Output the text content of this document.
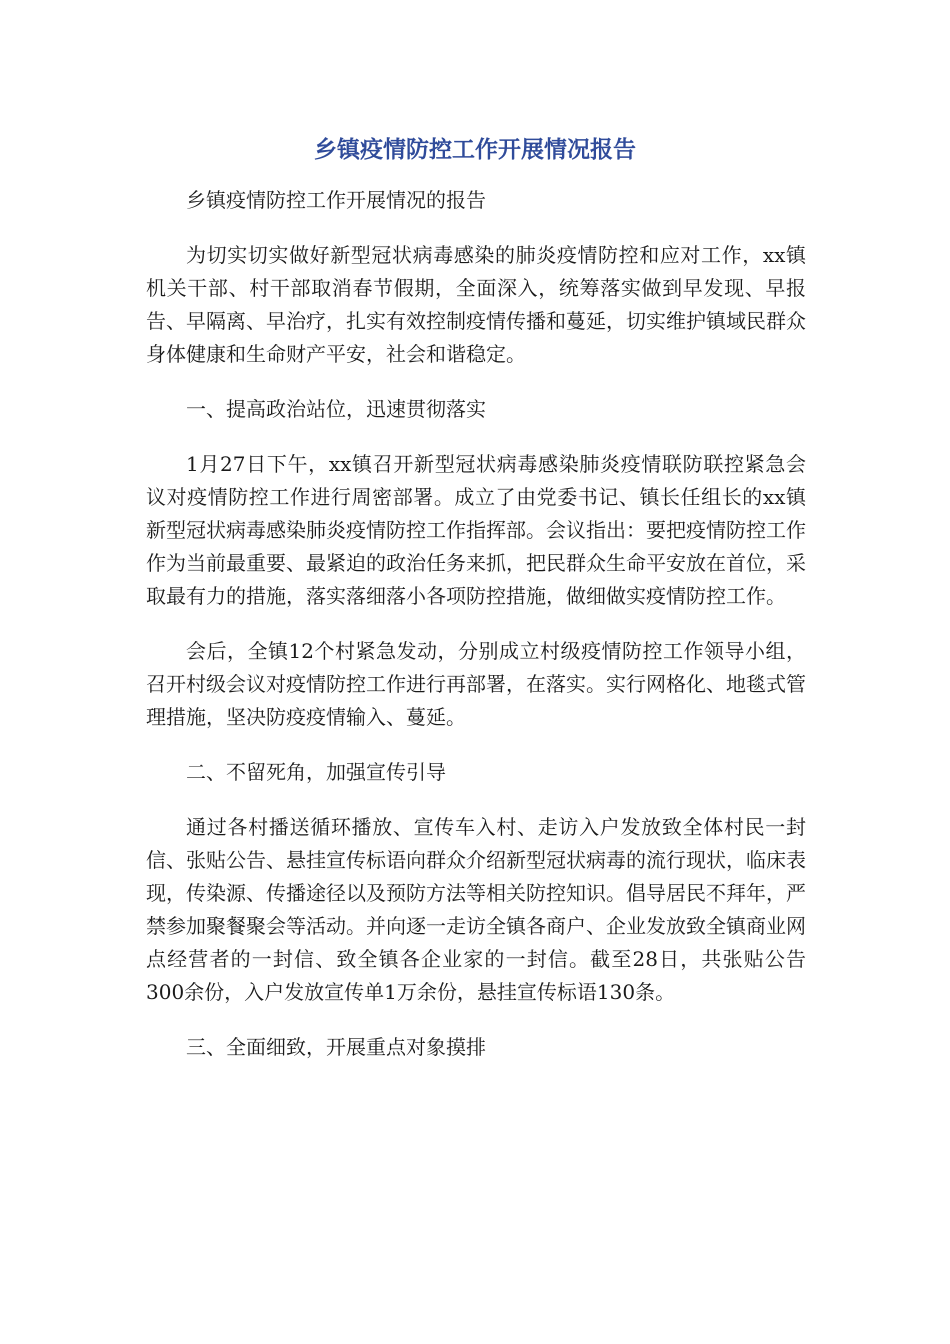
乡镇疫情防控工作开展情况报告

乡镇疫情防控工作开展情况的报告

为切实切实做好新型冠状病毒感染的肺炎疫情防控和应对工作，xx镇机关干部、村干部取消春节假期，全面深入，统筹落实做到早发现、早报告、早隔离、早治疗，扎实有效控制疫情传播和蔓延，切实维护镇域民群众身体健康和生命财产平安，社会和谐稳定。

一、提高政治站位，迅速贯彻落实

1月27日下午，xx镇召开新型冠状病毒感染肺炎疫情联防联控紧急会议对疫情防控工作进行周密部署。成立了由党委书记、镇长任组长的xx镇新型冠状病毒感染肺炎疫情防控工作指挥部。会议指出：要把疫情防控工作作为当前最重要、最紧迫的政治任务来抓，把民群众生命平安放在首位，采取最有力的措施，落实落细落小各项防控措施，做细做实疫情防控工作。

会后，全镇12个村紧急发动，分别成立村级疫情防控工作领导小组，召开村级会议对疫情防控工作进行再部署，在落实。实行网格化、地毯式管理措施，坚决防疫疫情输入、蔓延。

二、不留死角，加强宣传引导

通过各村播送循环播放、宣传车入村、走访入户发放致全体村民一封信、张贴公告、悬挂宣传标语向群众介绍新型冠状病毒的流行现状，临床表现，传染源、传播途径以及预防方法等相关防控知识。倡导居民不拜年，严禁参加聚餐聚会等活动。并向逐一走访全镇各商户、企业发放致全镇商业网点经营者的一封信、致全镇各企业家的一封信。截至28日，共张贴公告300余份，入户发放宣传单1万余份，悬挂宣传标语130条。

三、全面细致，开展重点对象摸排
